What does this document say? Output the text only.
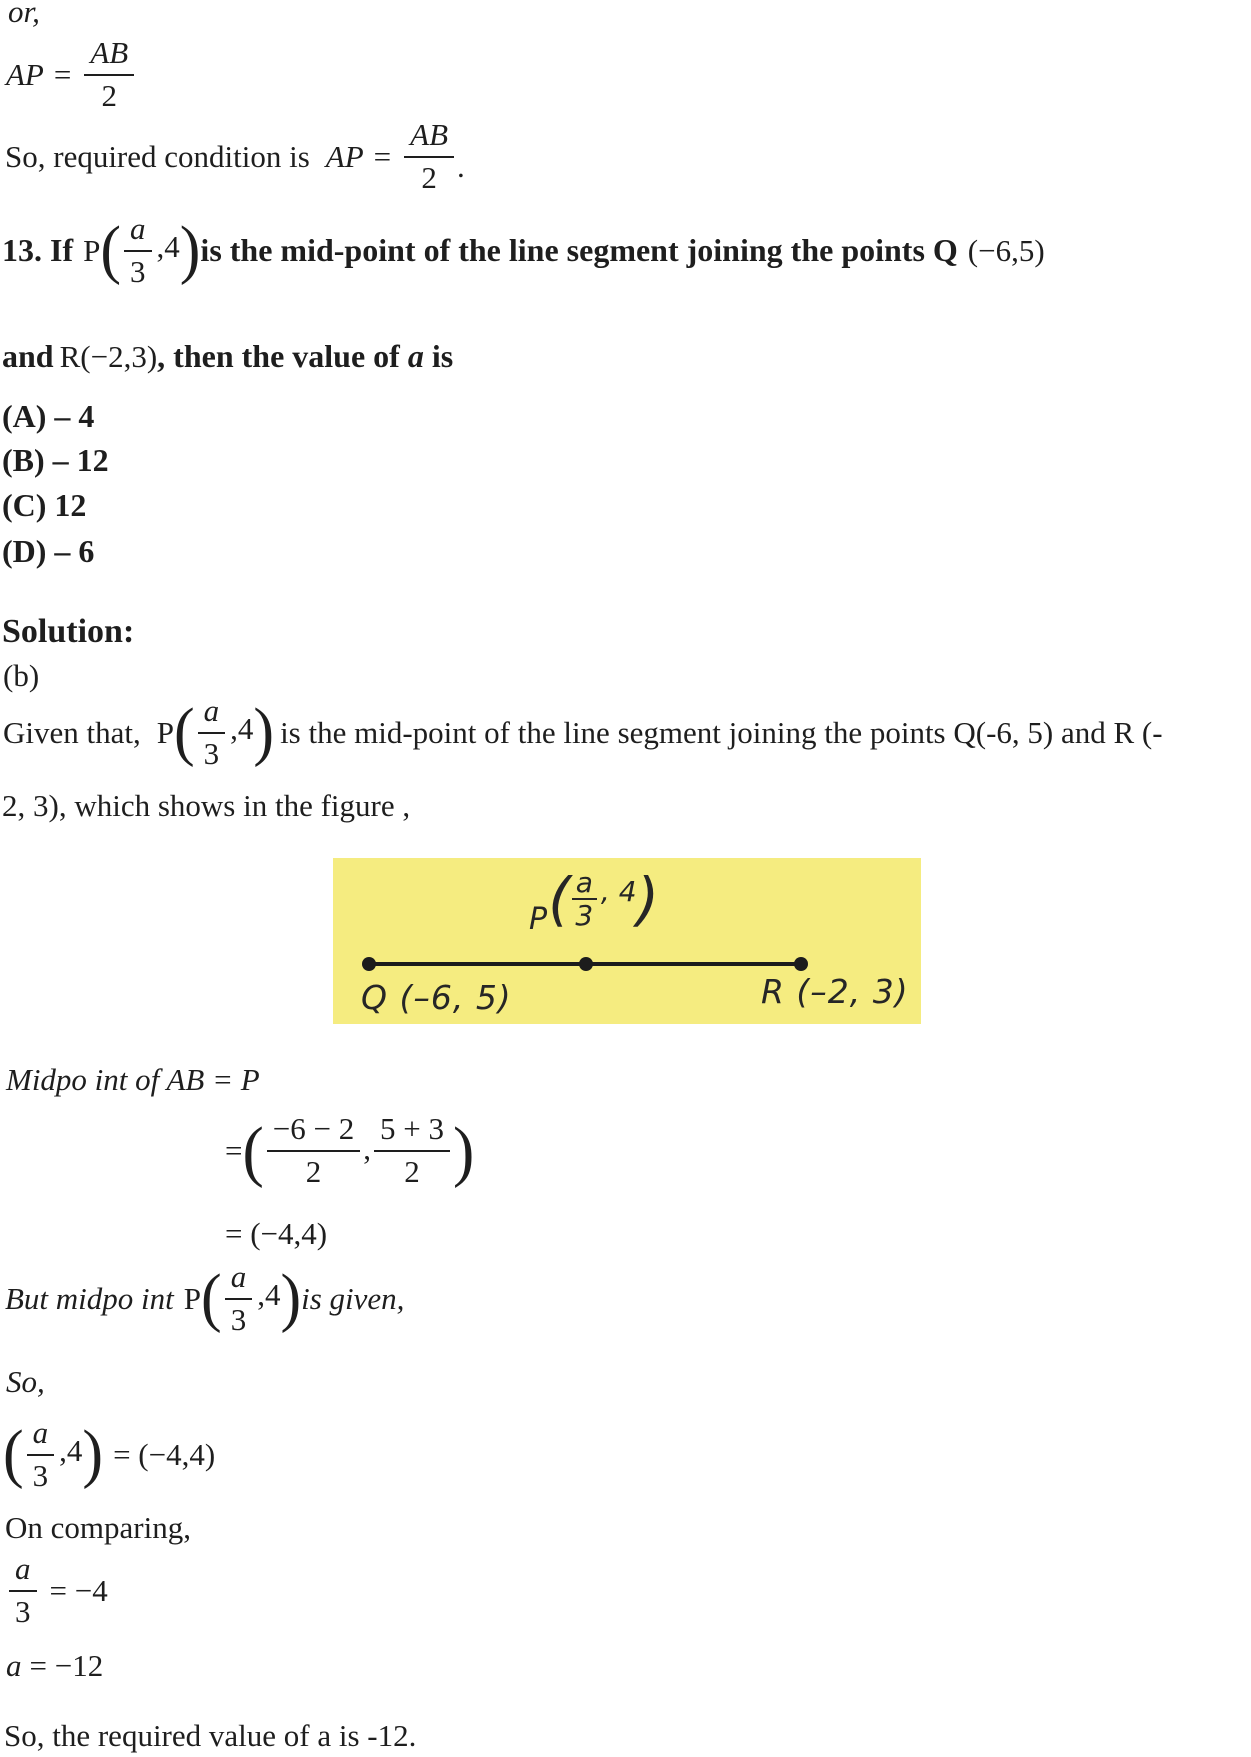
or,
AP = $\frac{AB}{2}$
So, required condition is AP = $\frac{AB}{2}$ .
13. If P ( $\frac{a}{3} ,4$ ) is the mid-point of the line segment joining the points Q (−6,5)
and R (−2,3) , then the value of a is
(A) – 4
(B) – 12
(C) 12
(D) – 6
Solution:
(b)
Given that, P ( $\frac{a}{3} ,4$ ) is the mid-point of the line segment joining the points Q(-6, 5) and R (-
2, 3), which shows in the figure ,
P ( $\frac{a}{3}$ , 4 )
Q (–6, 5)	R (–2, 3)
Midpo int of AB = P
= ( $\frac{-6 - 2}{2}$ , $\frac{5 + 3}{2}$ )
= (−4,4)
But midpo int P ( $\frac{a}{3} ,4$ ) is given,
So,
( $\frac{a}{3} ,4$ ) = (−4,4)
On comparing,
$\frac{a}{3} = -4$
a = −12
So, the required value of a is -12.
